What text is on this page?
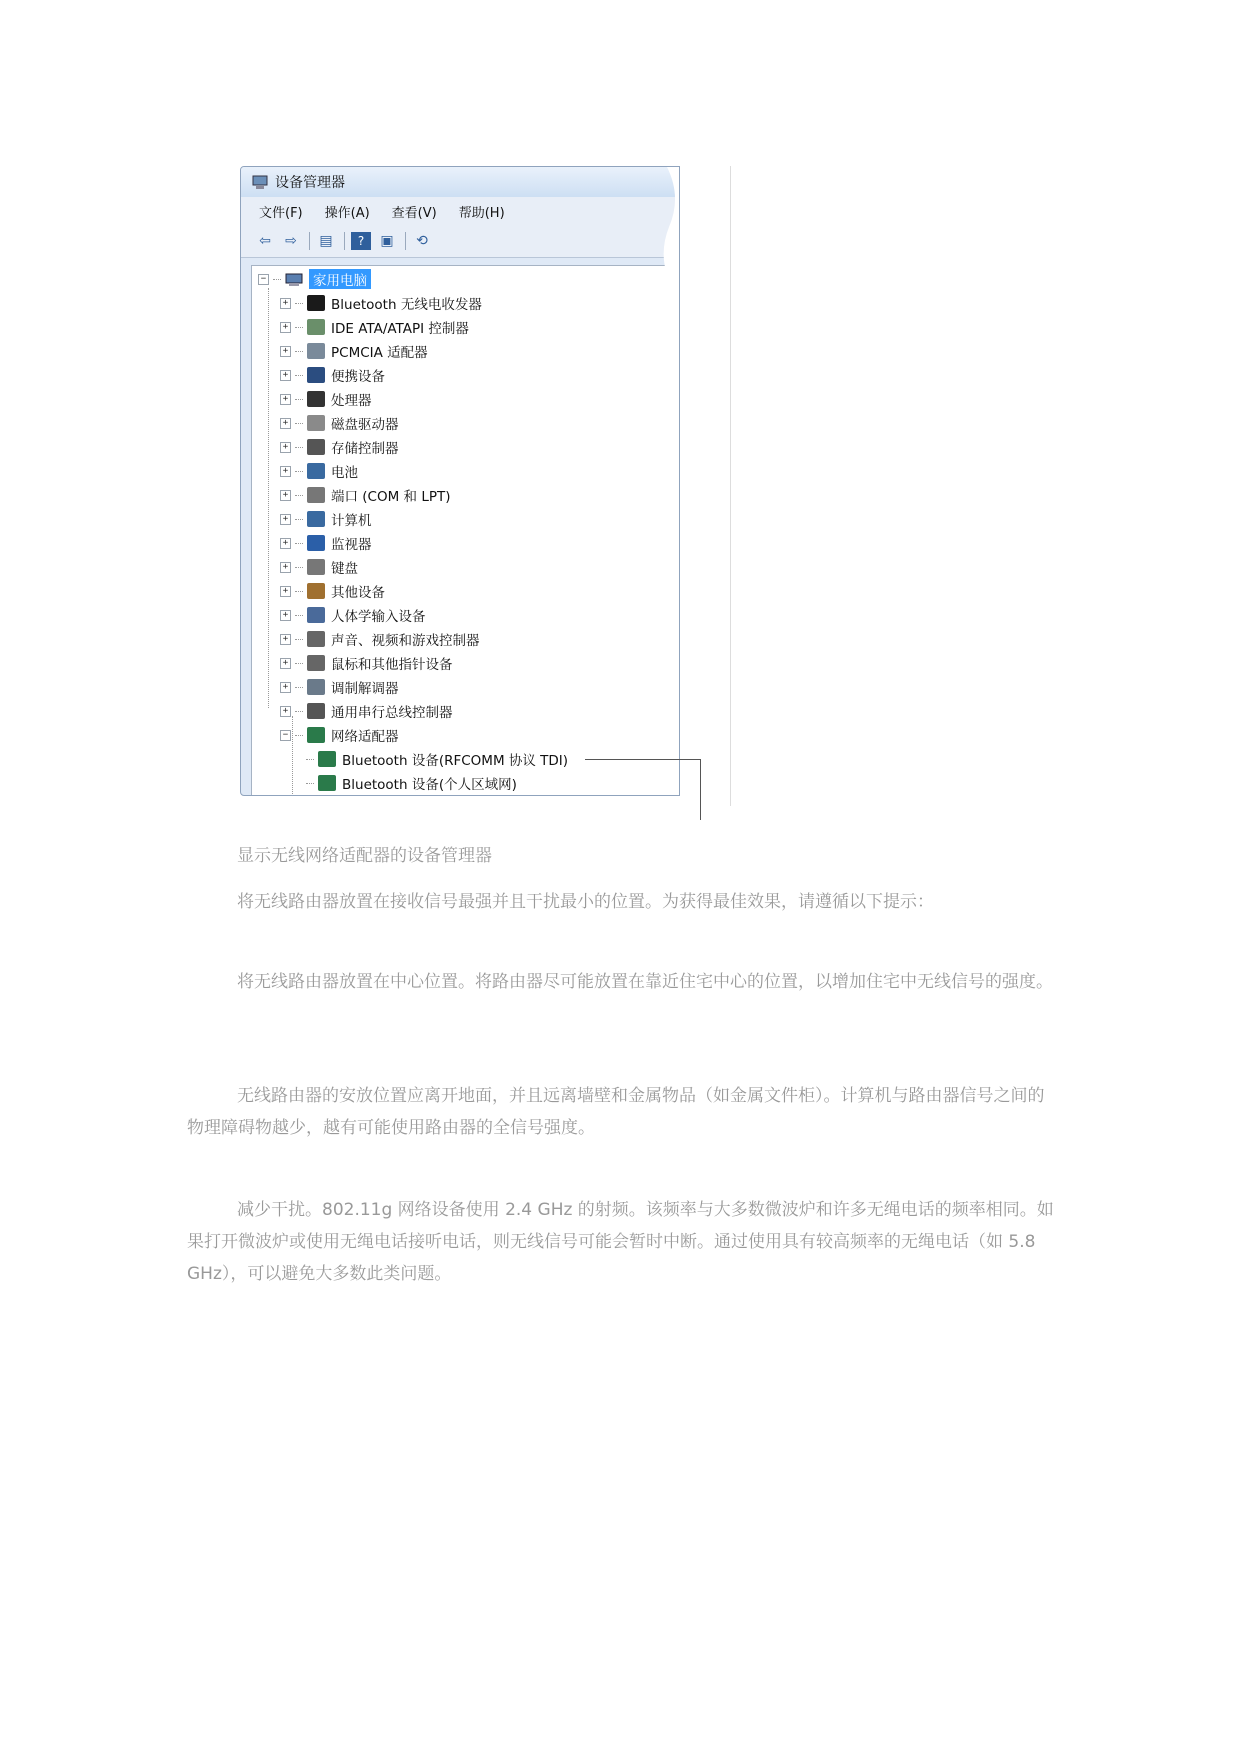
设备管理器
文件(F) 操作(A) 查看(V) 帮助(H)
⇦ ⇨ ▤	?	▣ ⟲
−	家用电脑
+	Bluetooth 无线电收发器
+	IDE ATA/ATAPI 控制器
+	PCMCIA 适配器
+	便携设备
+	处理器
+	磁盘驱动器
+	存储控制器
+	电池
+	端口 (COM 和 LPT)
+	计算机
+	监视器
+	键盘
+	其他设备
+	人体学输入设备
+	声音、视频和游戏控制器
+	鼠标和其他指针设备
+	调制解调器
+	通用串行总线控制器
−	网络适配器
Bluetooth 设备(RFCOMM 协议 TDI)
Bluetooth 设备(个人区域网)
显示无线网络适配器的设备管理器
将无线路由器放置在接收信号最强并且干扰最小的位置。为获得最佳效果，请遵循以下提示：
将无线路由器放置在中心位置。将路由器尽可能放置在靠近住宅中心的位置，以增加住宅中无线信号的强度。
无线路由器的安放位置应离开地面，并且远离墙壁和金属物品（如金属文件柜）。计算机与路由器信号之间的物理障碍物越少，越有可能使用路由器的全信号强度。
减少干扰。802.11g 网络设备使用 2.4 GHz 的射频。该频率与大多数微波炉和许多无绳电话的频率相同。如果打开微波炉或使用无绳电话接听电话，则无线信号可能会暂时中断。通过使用具有较高频率的无绳电话（如 5.8 GHz），可以避免大多数此类问题。
